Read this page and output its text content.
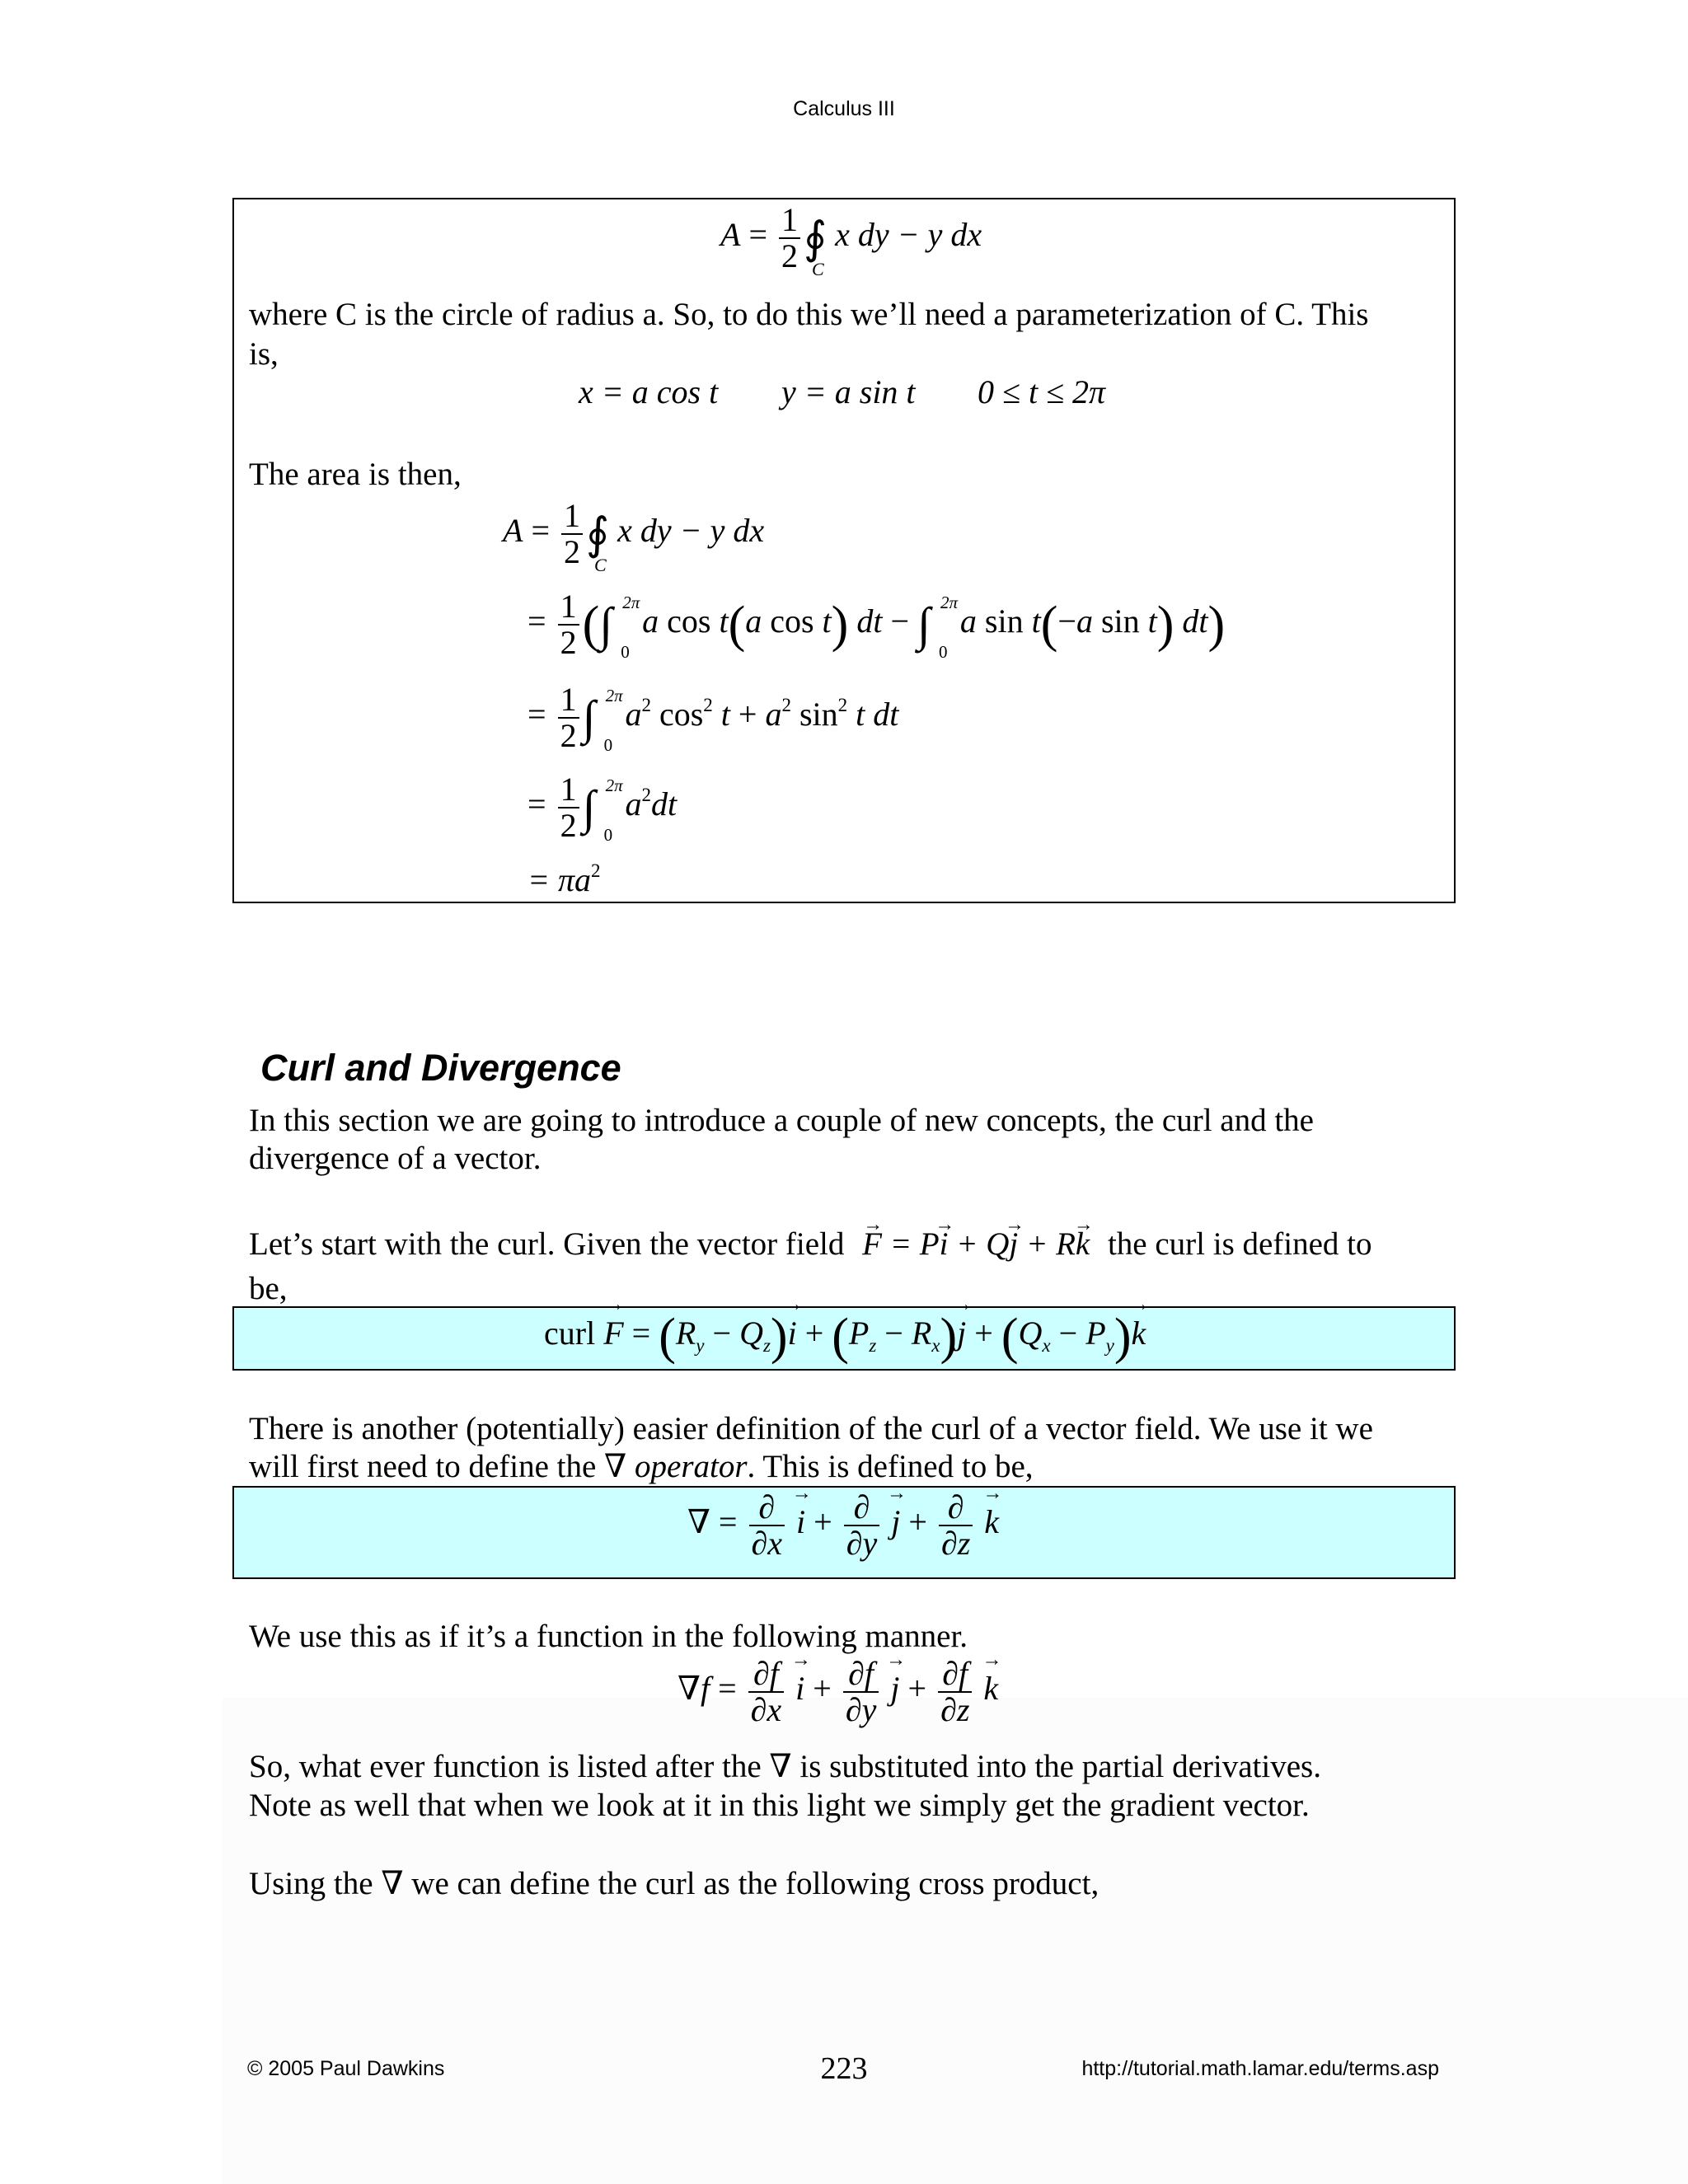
Calculus III
$A = \frac{1}{2}$ ∮
C
x dy − y dx
where C is the circle of radius a. So, to do this we’ll need a parameterization of C. This
is,
x = a cos t y = a sin t 0 ≤ t ≤ 2π
The area is then,
$A = \frac{1}{2}$ ∮
C
x dy − y dx
= $\frac{1}{2}$ (∫ 2π
0
a cos t(a cos t) dt − ∫ 2π
0
a sin t(−a sin t) dt)
= $\frac{1}{2}$ ∫ 2π
0
$a^2$ $\cos^2 t + a^2$ $\sin^2 t$ dt
= $\frac{1}{2}$ ∫ 2π
0
$a^2dt$
= $\pi a^2$
Curl and Divergence
In this section we are going to introduce a couple of new concepts, the curl and the
divergence of a vector.
Let’s start with the curl. Given the vector field → F = P→ i + Q→ j + R→ k the curl is defined to
be,
curl → $F = (R_y - Q_z)\to i + (P_z - R_x)\to j + (Q_x - P_y)\to k$
There is another (potentially) easier definition of the curl of a vector field. We use it we
will first need to define the ∇ operator. This is defined to be,
∇ = $\frac{\partial}{\partial x}$
→ $i + \frac{\partial}{\partial y}$
→ $j + \frac{\partial}{\partial z}$
→ k
We use this as if it’s a function in the following manner.
$\nabla f = \frac{\partial f}{\partial x}$
→ $i + \frac{\partial f}{\partial y}$
→ $j + \frac{\partial f}{\partial z}$
→ k
So, what ever function is listed after the ∇ is substituted into the partial derivatives.
Note as well that when we look at it in this light we simply get the gradient vector.
Using the ∇ we can define the curl as the following cross product,
© 2005 Paul Dawkins	223	http://tutorial.math.lamar.edu/terms.asp
